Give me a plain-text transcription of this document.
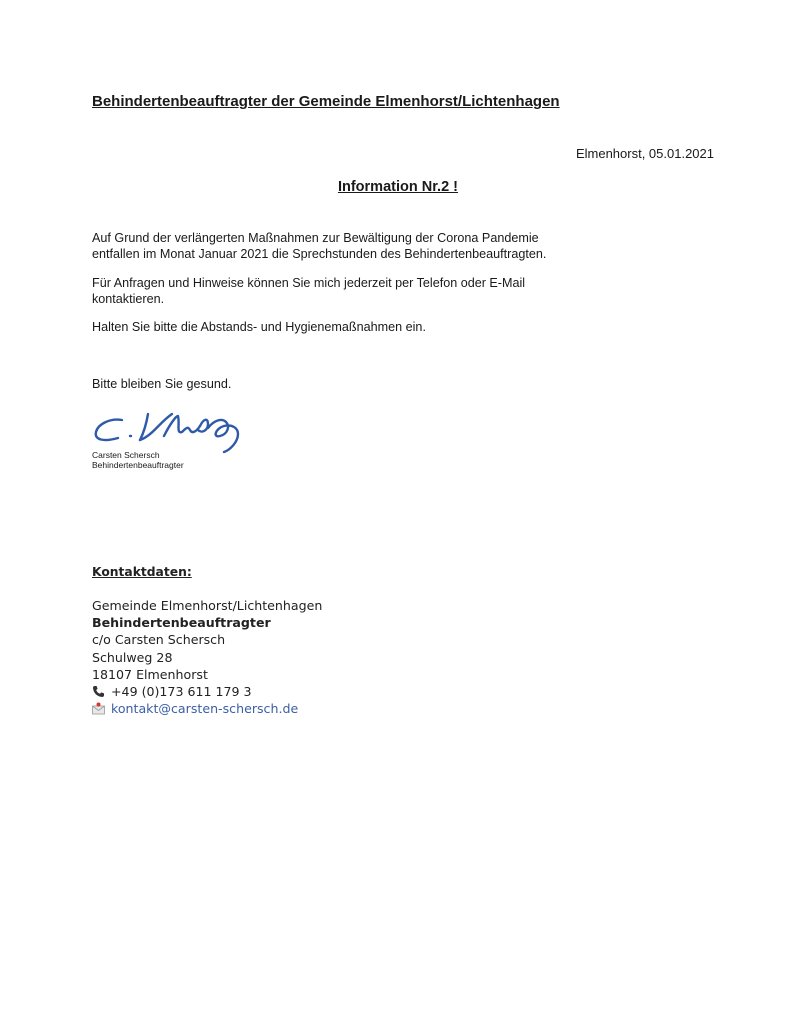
Behindertenbeauftragter der Gemeinde Elmenhorst/Lichtenhagen
Elmenhorst, 05.01.2021
Information Nr.2 !
Auf Grund der verlängerten Maßnahmen zur Bewältigung der Corona Pandemie
entfallen im Monat Januar 2021 die Sprechstunden des Behindertenbeauftragten.
Für Anfragen und Hinweise können Sie mich jederzeit per Telefon oder E-Mail
kontaktieren.
Halten Sie bitte die Abstands- und Hygienemaßnahmen ein.
Bitte bleiben Sie gesund.
Carsten Schersch
Behindertenbeauftragter
Kontaktdaten:
Gemeinde Elmenhorst/Lichtenhagen
Behindertenbeauftragter
c/o Carsten Schersch
Schulweg 28
18107 Elmenhorst
+49 (0)173 611 179 3
kontakt@carsten-schersch.de
